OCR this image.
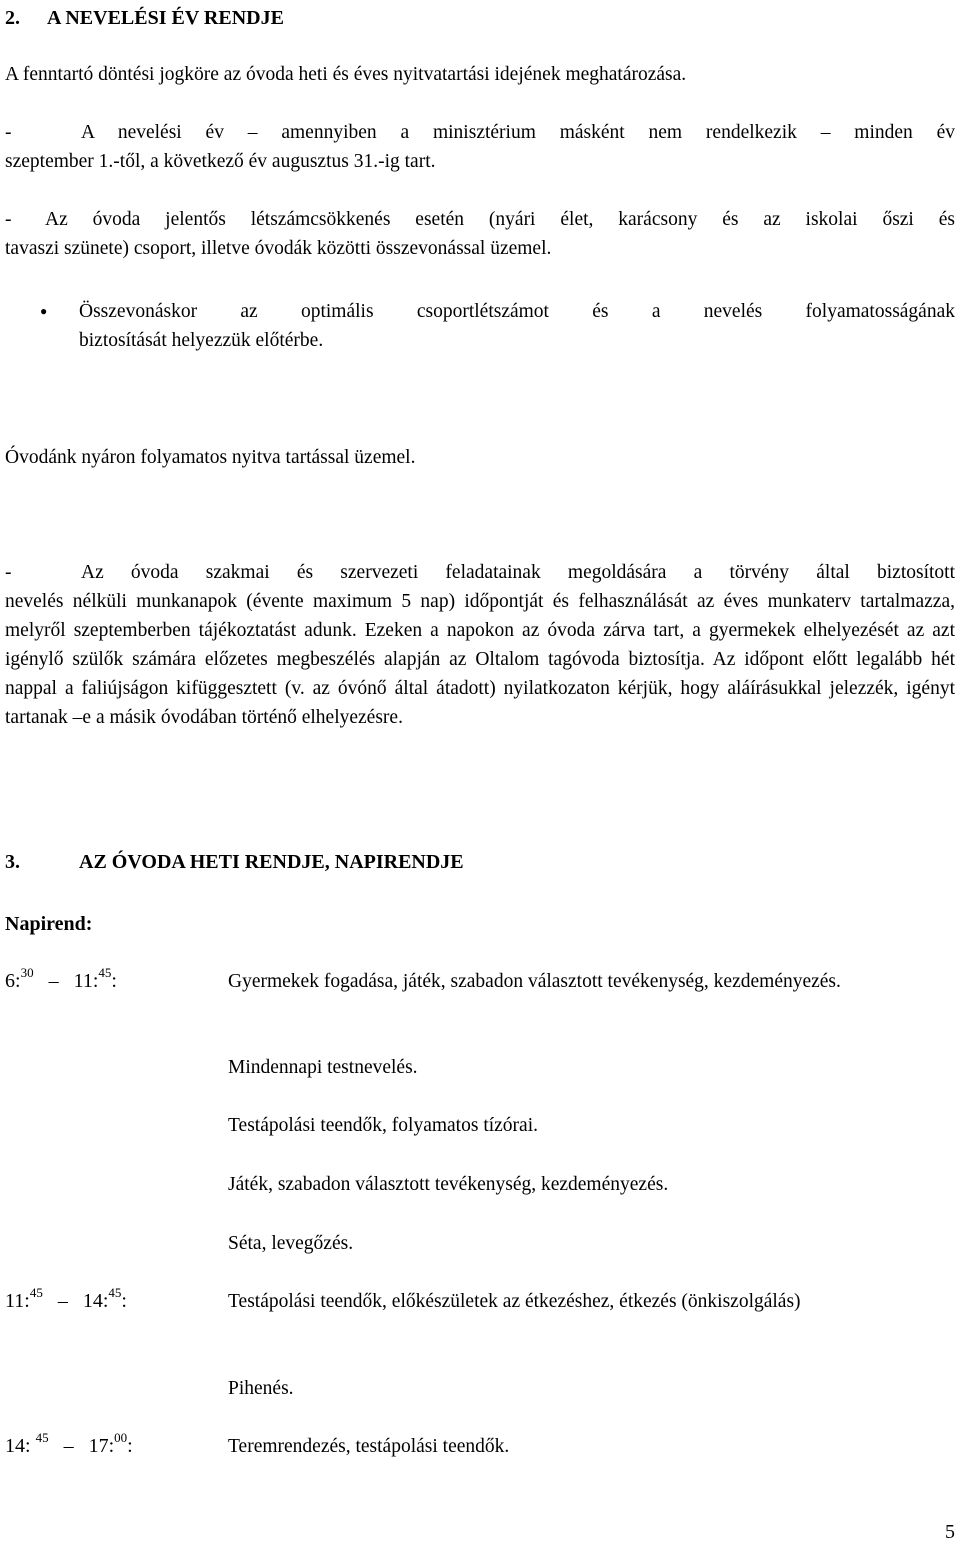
2. A NEVELÉSI ÉV RENDJE
A fenntartó döntési jogköre az óvoda heti és éves nyitvatartási idejének meghatározása.
-	A nevelési év – amennyiben a minisztérium másként nem rendelkezik – minden év
szeptember 1.-től, a következő év augusztus 31.-ig tart.
- Az óvoda jelentős létszámcsökkenés esetén (nyári élet, karácsony és az iskolai őszi és
tavaszi szünete) csoport, illetve óvodák közötti összevonással üzemel.
● Összevonáskor az optimális csoportlétszámot és a nevelés folyamatosságának
biztosítását helyezzük előtérbe.
Óvodánk nyáron folyamatos nyitva tartással üzemel.
-	Az óvoda szakmai és szervezeti feladatainak megoldására a törvény által biztosított
nevelés nélküli munkanapok (évente maximum 5 nap) időpontját és felhasználását az éves munkaterv tartalmazza, melyről szeptemberben tájékoztatást adunk. Ezeken a napokon az óvoda zárva tart, a gyermekek elhelyezését az azt igénylő szülők számára előzetes megbeszélés alapján az Oltalom tagóvoda biztosítja. Az időpont előtt legalább hét nappal a faliújságon kifüggesztett (v. az óvónő által átadott) nyilatkozaton kérjük, hogy aláírásukkal jelezzék, igényt tartanak –e a másik óvodában történő elhelyezésre.
3.	AZ ÓVODA HETI RENDJE, NAPIRENDJE
Napirend:
6:$^{30}$ – 11:$^{45}$:	Gyermekek fogadása, játék, szabadon választott tevékenység, kezdeményezés.
Mindennapi testnevelés.
Testápolási teendők, folyamatos tízórai.
Játék, szabadon választott tevékenység, kezdeményezés.
Séta, levegőzés.
11:$^{45}$ – 14:$^{45}$:	Testápolási teendők, előkészületek az étkezéshez, étkezés (önkiszolgálás)
Pihenés.
14: $^{45}$ – 17:$^{00}$:	Teremrendezés, testápolási teendők.
5
